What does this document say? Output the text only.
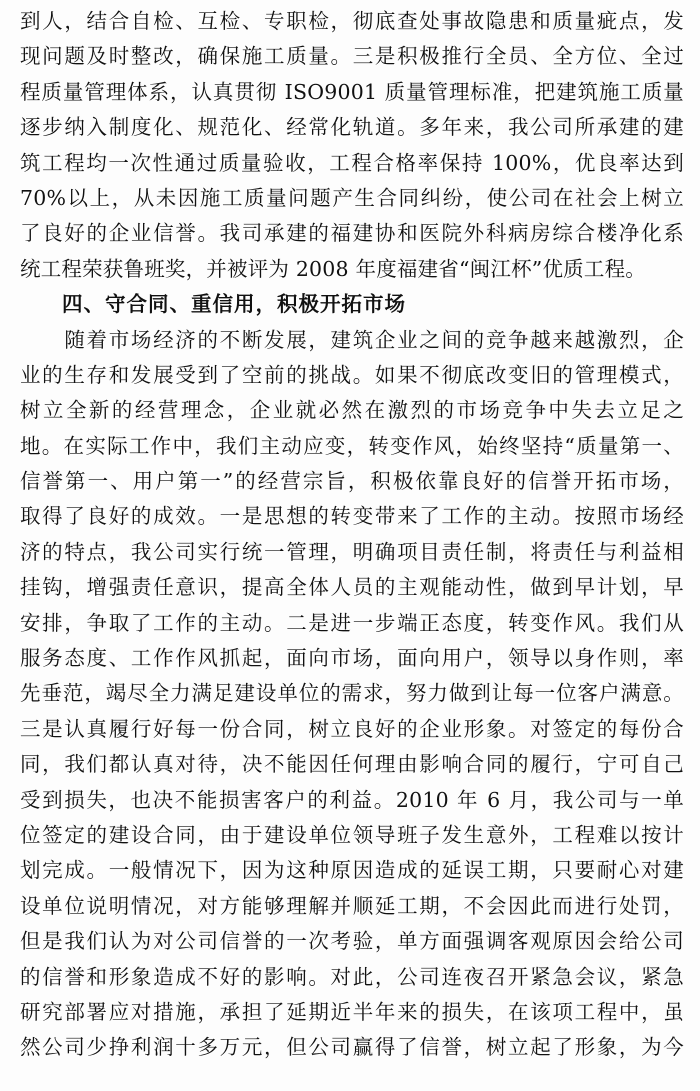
到人，结合自检、互检、专职检，彻底查处事故隐患和质量疵点，发
现问题及时整改，确保施工质量。三是积极推行全员、全方位、全过
程质量管理体系，认真贯彻 ISO9001 质量管理标准，把建筑施工质量
逐步纳入制度化、规范化、经常化轨道。多年来，我公司所承建的建
筑工程均一次性通过质量验收，工程合格率保持 100%，优良率达到
70%以上，从未因施工质量问题产生合同纠纷，使公司在社会上树立
了良好的企业信誉。我司承建的福建协和医院外科病房综合楼净化系
统工程荣获鲁班奖，并被评为 2008 年度福建省“闽江杯”优质工程。
四、守合同、重信用，积极开拓市场
　　随着市场经济的不断发展，建筑企业之间的竞争越来越激烈，企
业的生存和发展受到了空前的挑战。如果不彻底改变旧的管理模式，
树立全新的经营理念，企业就必然在激烈的市场竞争中失去立足之
地。在实际工作中，我们主动应变，转变作风，始终坚持“质量第一、
信誉第一、用户第一”的经营宗旨，积极依靠良好的信誉开拓市场，
取得了良好的成效。一是思想的转变带来了工作的主动。按照市场经
济的特点，我公司实行统一管理，明确项目责任制，将责任与利益相
挂钩，增强责任意识，提高全体人员的主观能动性，做到早计划，早
安排，争取了工作的主动。二是进一步端正态度，转变作风。我们从
服务态度、工作作风抓起，面向市场，面向用户，领导以身作则，率
先垂范，竭尽全力满足建设单位的需求，努力做到让每一位客户满意。
三是认真履行好每一份合同，树立良好的企业形象。对签定的每份合
同，我们都认真对待，决不能因任何理由影响合同的履行，宁可自己
受到损失，也决不能损害客户的利益。2010 年 6 月，我公司与一单
位签定的建设合同，由于建设单位领导班子发生意外，工程难以按计
划完成。一般情况下，因为这种原因造成的延误工期，只要耐心对建
设单位说明情况，对方能够理解并顺延工期，不会因此而进行处罚，
但是我们认为对公司信誉的一次考验，单方面强调客观原因会给公司
的信誉和形象造成不好的影响。对此，公司连夜召开紧急会议，紧急
研究部署应对措施，承担了延期近半年来的损失，在该项工程中，虽
然公司少挣利润十多万元，但公司赢得了信誉，树立起了形象，为今
